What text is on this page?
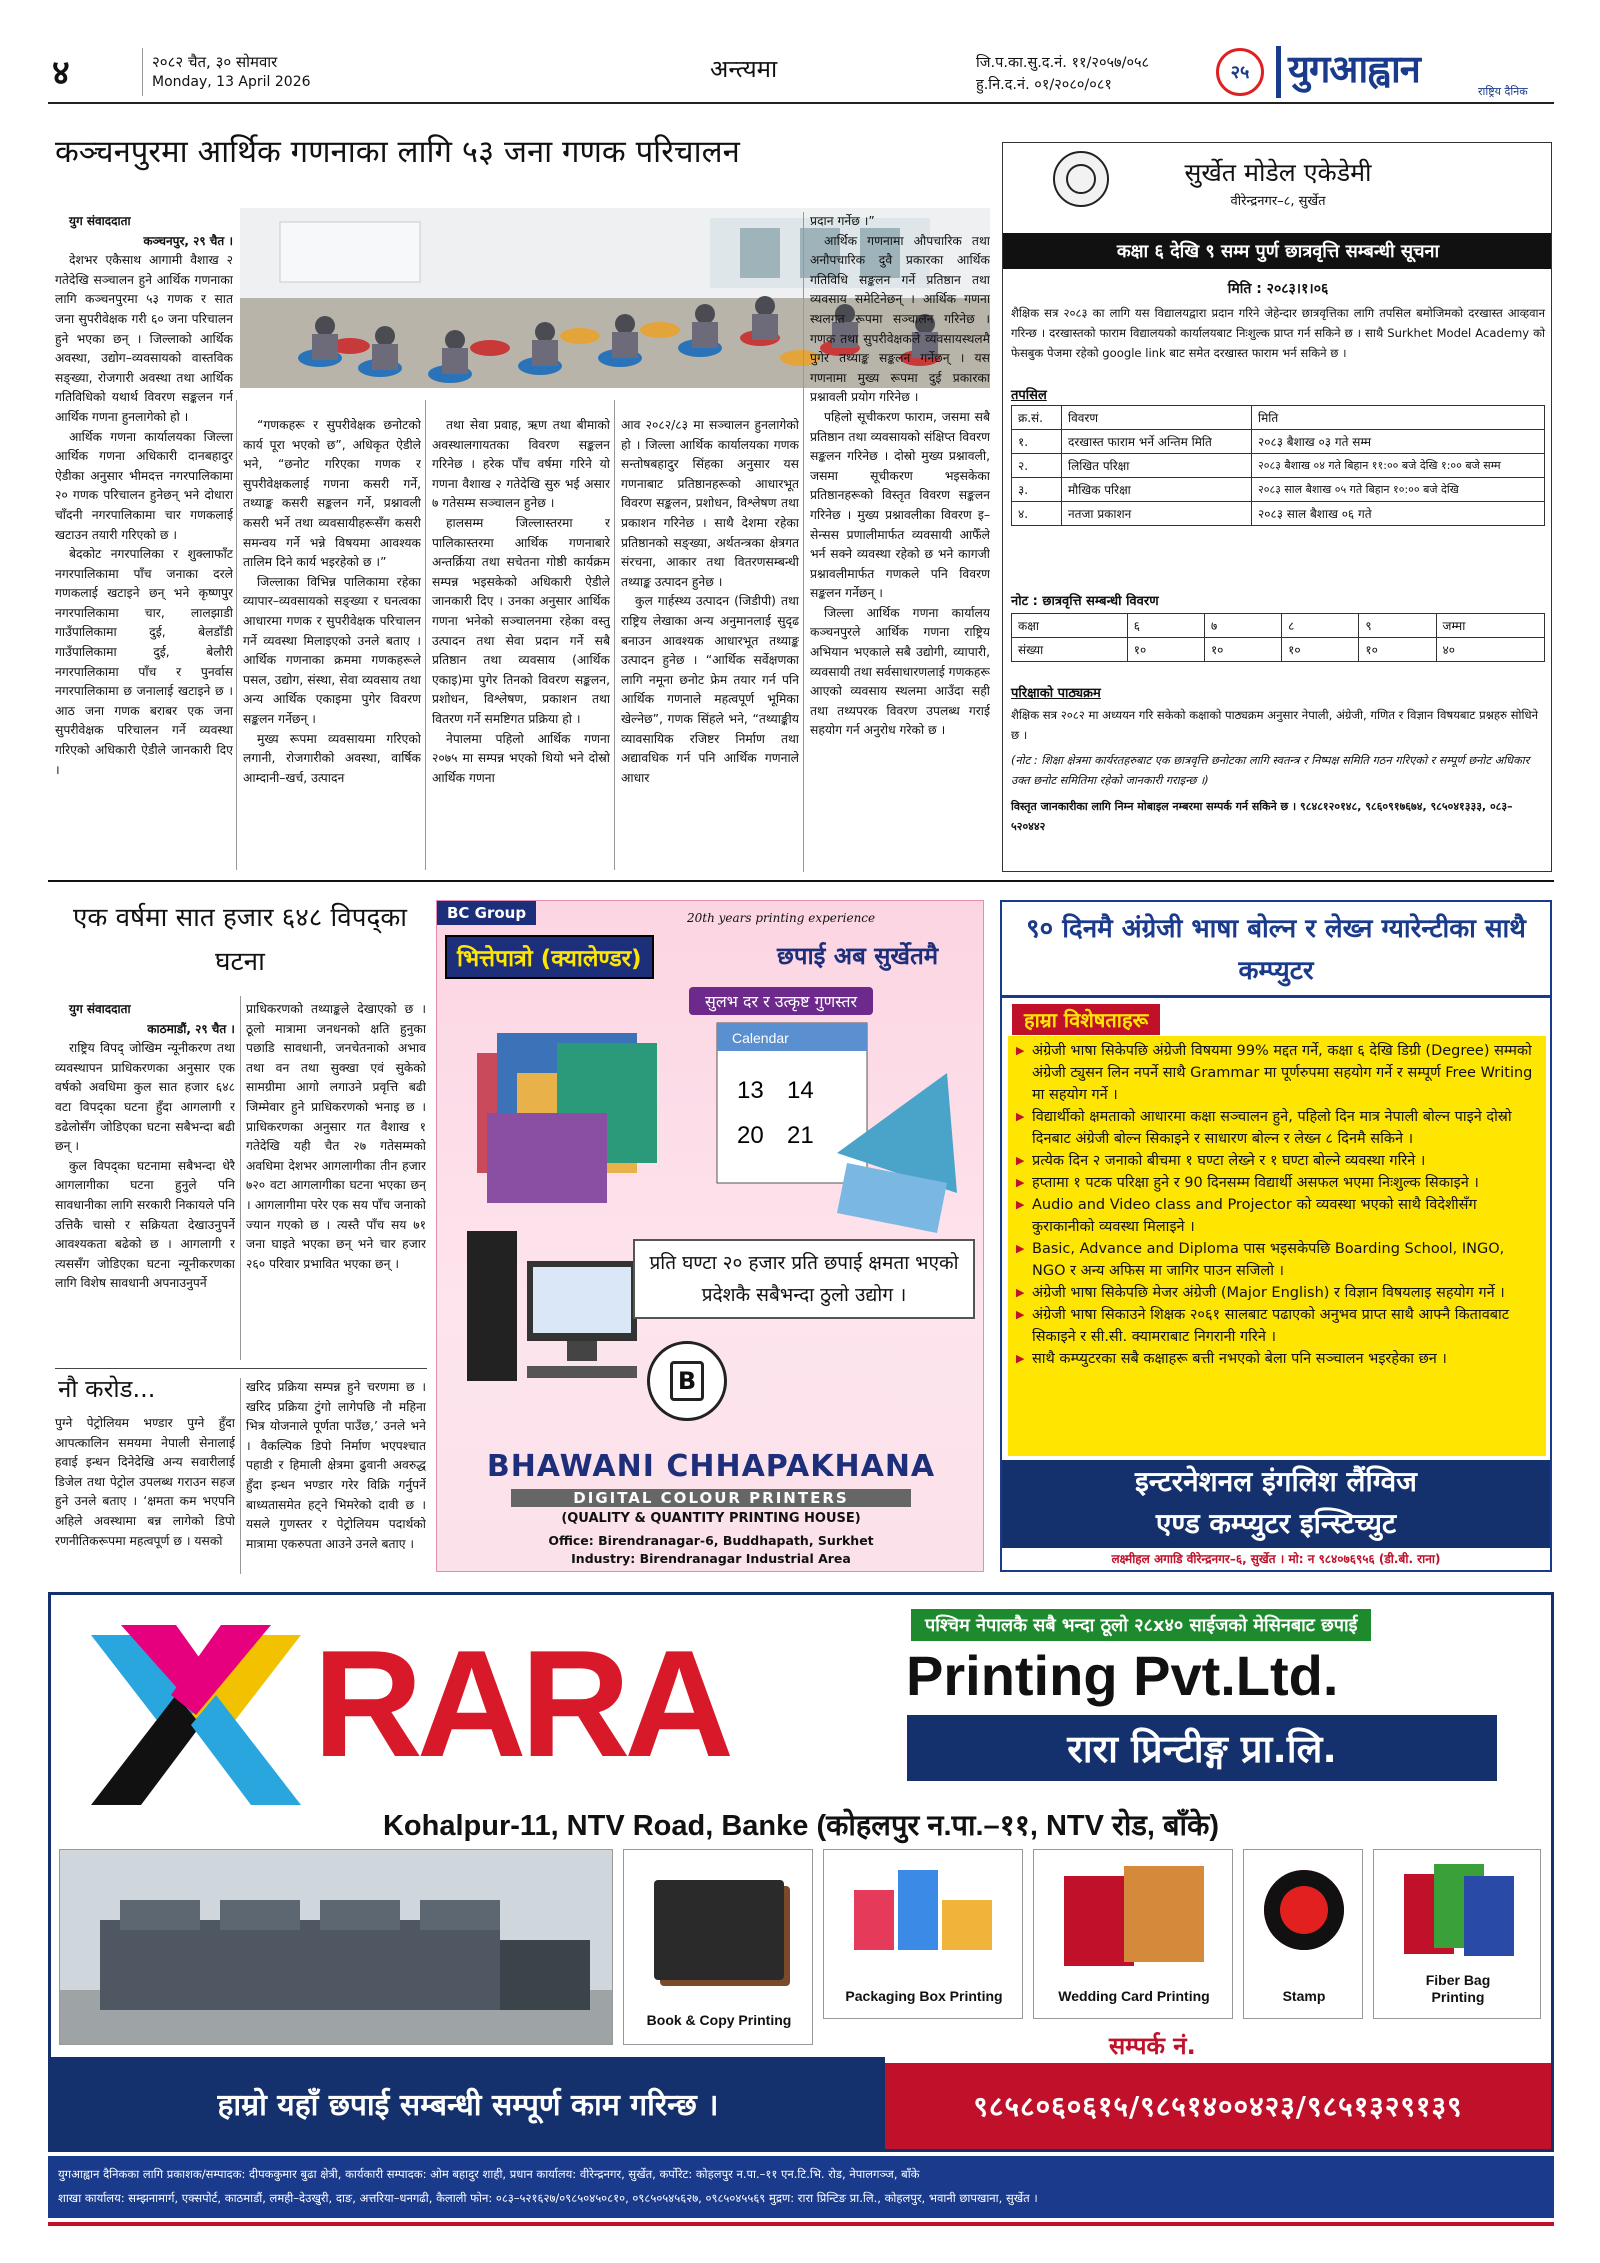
४	२०८२ चैत, ३० सोमवार
Monday, 13 April 2026	अन्त्यमा	जि.प.का.सु.द.नं. ११/२०५७/०५८
हु.नि.द.नं. ०१/२०८०/०८१
२५ युगआह्वान
राष्ट्रिय दैनिक
कञ्चनपुरमा आर्थिक गणनाका लागि ५३ जना गणक परिचालन
युग संवाददाता
कञ्चनपुर, २९ चैत ।

देशभर एकैसाथ आगामी वैशाख २ गतेदेखि सञ्चालन हुने आर्थिक गणनाका लागि कञ्चनपुरमा ५३ गणक र सात जना सुपरीवेक्षक गरी ६० जना परिचालन हुने भएका छन् । जिल्लाको आर्थिक अवस्था, उद्योग–व्यवसायको वास्तविक सङ्ख्या, रोजगारी अवस्था तथा आर्थिक गतिविधिको यथार्थ विवरण सङ्कलन गर्न आर्थिक गणना हुनलागेको हो ।

आर्थिक गणना कार्यालयका जिल्ला आर्थिक गणना अधिकारी दानबहादुर ऐडीका अनुसार भीमदत्त नगरपालिकामा २० गणक परिचालन हुनेछन् भने दोधारा चाँदनी नगरपालिकामा चार गणकलाई खटाउन तयारी गरिएको छ ।

बेदकोट नगरपालिका र शुक्लाफाँट नगरपालिकामा पाँच जनाका दरले गणकलाई खटाइने छन् भने कृष्णपुर नगरपालिकामा चार, लालझाडी गाउँपालिकामा दुई, बेलडाँडी गाउँपालिकामा दुई, बेलौरी नगरपालिकामा पाँच र पुनर्वास नगरपालिकामा छ जनालाई खटाइने छ । आठ जना गणक बराबर एक जना सुपरीवेक्षक परिचालन गर्ने व्यवस्था गरिएको अधिकारी ऐडीले जानकारी दिए ।

“गणकहरू र सुपरीवेक्षक छनोटको कार्य पूरा भएको छ”, अधिकृत ऐडीले भने, “छनोट गरिएका गणक र सुपरीवेक्षकलाई गणना कसरी गर्ने, तथ्याङ्क कसरी सङ्कलन गर्ने, प्रश्नावली कसरी भर्ने तथा व्यवसायीहरूसँग कसरी समन्वय गर्ने भन्ने विषयमा आवश्यक तालिम दिने कार्य भइरहेको छ ।”

जिल्लाका विभिन्न पालिकामा रहेका व्यापार–व्यवसायको सङ्ख्या र घनत्वका आधारमा गणक र सुपरीवेक्षक परिचालन गर्ने व्यवस्था मिलाइएको उनले बताए । आर्थिक गणनाका क्रममा गणकहरूले पसल, उद्योग, संस्था, सेवा व्यवसाय तथा अन्य आर्थिक एकाइमा पुगेर विवरण सङ्कलन गर्नेछन् ।

मुख्य रूपमा व्यवसायमा गरिएको लगानी, रोजगारीको अवस्था, वार्षिक आम्दानी–खर्च, उत्पादन

तथा सेवा प्रवाह, ऋण तथा बीमाको अवस्थालगायतका विवरण सङ्कलन गरिनेछ । हरेक पाँच वर्षमा गरिने यो गणना वैशाख २ गतेदेखि सुरु भई असार ७ गतेसम्म सञ्चालन हुनेछ ।

हालसम्म जिल्लास्तरमा र पालिकास्तरमा आर्थिक गणनाबारे अन्तर्क्रिया तथा सचेतना गोष्ठी कार्यक्रम सम्पन्न भइसकेको अधिकारी ऐडीले जानकारी दिए । उनका अनुसार आर्थिक गणना भनेको सञ्चालनमा रहेका वस्तु उत्पादन तथा सेवा प्रदान गर्ने सबै प्रतिष्ठान तथा व्यवसाय (आर्थिक एकाइ)मा पुगेर तिनको विवरण सङ्कलन, प्रशोधन, विश्लेषण, प्रकाशन तथा वितरण गर्ने समष्टिगत प्रक्रिया हो ।

नेपालमा पहिलो आर्थिक गणना २०७५ मा सम्पन्न भएको थियो भने दोस्रो आर्थिक गणना

आव २०८२/८३ मा सञ्चालन हुनलागेको हो । जिल्ला आर्थिक कार्यालयका गणक सन्तोषबहादुर सिंहका अनुसार यस गणनाबाट प्रतिष्ठानहरूको आधारभूत विवरण सङ्कलन, प्रशोधन, विश्लेषण तथा प्रकाशन गरिनेछ । साथै देशमा रहेका प्रतिष्ठानको सङ्ख्या, अर्थतन्त्रका क्षेत्रगत संरचना, आकार तथा वितरणसम्बन्धी तथ्याङ्क उत्पादन हुनेछ ।

कुल गार्हस्थ्य उत्पादन (जिडीपी) तथा राष्ट्रिय लेखाका अन्य अनुमानलाई सुदृढ बनाउन आवश्यक आधारभूत तथ्याङ्क उत्पादन हुनेछ । “आर्थिक सर्वेक्षणका लागि नमूना छनोट फ्रेम तयार गर्न पनि आर्थिक गणनाले महत्वपूर्ण भूमिका खेल्नेछ”, गणक सिंहले भने, “तथ्याङ्कीय व्यावसायिक रजिष्टर निर्माण तथा अद्यावधिक गर्न पनि आर्थिक गणनाले आधार

प्रदान गर्नेछ ।”

आर्थिक गणनामा औपचारिक तथा अनौपचारिक दुवै प्रकारका आर्थिक गतिविधि सङ्कलन गर्ने प्रतिष्ठान तथा व्यवसाय समेटिनेछन् । आर्थिक गणना स्थलगत रूपमा सञ्चालन गरिनेछ । गणक तथा सुपरीवेक्षकले व्यवसायस्थलमै पुगेर तथ्याङ्क सङ्कलन गर्नेछन् । यस गणनामा मुख्य रूपमा दुई प्रकारका प्रश्नावली प्रयोग गरिनेछ ।

पहिलो सूचीकरण फाराम, जसमा सबै प्रतिष्ठान तथा व्यवसायको संक्षिप्त विवरण सङ्कलन गरिनेछ । दोस्रो मुख्य प्रश्नावली, जसमा सूचीकरण भइसकेका प्रतिष्ठानहरूको विस्तृत विवरण सङ्कलन गरिनेछ । मुख्य प्रश्नावलीका विवरण इ–सेन्सस प्रणालीमार्फत व्यवसायी आफैँले भर्न सक्ने व्यवस्था रहेको छ भने कागजी प्रश्नावलीमार्फत गणकले पनि विवरण सङ्कलन गर्नेछन् ।

जिल्ला आर्थिक गणना कार्यालय कञ्चनपुरले आर्थिक गणना राष्ट्रिय अभियान भएकाले सबै उद्योगी, व्यापारी, व्यवसायी तथा सर्वसाधारणलाई गणकहरू आएको व्यवसाय स्थलमा आउँदा सही तथा तथ्यपरक विवरण उपलब्ध गराई सहयोग गर्न अनुरोध गरेको छ ।

सुर्खेत मोडेल एकेडेमी
वीरेन्द्रनगर–८, सुर्खेत
कक्षा ६ देखि ९ सम्म पुर्ण छात्रवृत्ति सम्बन्धी सूचना
मिति : २०८३।१।०६
शैक्षिक सत्र २०८३ का लागि यस विद्यालयद्वारा प्रदान गरिने जेहेन्दार छात्रवृत्तिका लागि तपसिल बमोजिमको दरखास्त आव्हवान गरिन्छ । दरखास्तको फाराम विद्यालयको कार्यालयबाट निःशुल्क प्राप्त गर्न सकिने छ । साथै Surkhet Model Academy को फेसबुक पेजमा रहेको google link बाट समेत दरखास्त फाराम भर्न सकिने छ ।
तपसिल
क्र.सं.	विवरण	मिति
१.	दरखास्त फाराम भर्ने अन्तिम मिति	२०८३ बैशाख ०३ गते सम्म
२.	लिखित परिक्षा	२०८३ बैशाख ०४ गते बिहान ११:०० बजे देखि १:०० बजे सम्म
३.	मौखिक परिक्षा	२०८३ साल बैशाख ०५ गते बिहान १०:०० बजे देखि
४.	नतजा प्रकाशन	२०८३ साल बैशाख ०६ गते
नोट : छात्रवृत्ति सम्बन्धी विवरण
कक्षा	६	७	८	९	जम्मा
संख्या	१०	१०	१०	१०	४०
परिक्षाको पाठ्यक्रम
शैक्षिक सत्र २०८२ मा अध्ययन गरि सकेको कक्षाको पाठ्यक्रम अनुसार नेपाली, अंग्रेजी, गणित र विज्ञान विषयबाट प्रश्नहरु सोधिने छ ।
(नोट : शिक्षा क्षेत्रमा कार्यरतहरुबाट एक छात्रवृत्ति छनोटका लागि स्वतन्त्र र निष्पक्ष समिति गठन गरिएको र सम्पूर्ण छनोट अधिकार उक्त छनोट समितिमा रहेको जानकारी गराइन्छ ।)
विस्तृत जानकारीका लागि निम्न मोबाइल नम्बरमा सम्पर्क गर्न सकिने छ । ९८४८१२०१४८, ९८६०९१७६७४, ९८५०४१३३३, ०८३–५२०४४२
एक वर्षमा सात हजार ६४८ विपद्का घटना
युग संवाददाता
काठमाडौं, २९ चैत ।

राष्ट्रिय विपद् जोखिम न्यूनीकरण तथा व्यवस्थापन प्राधिकरणका अनुसार एक वर्षको अवधिमा कुल सात हजार ६४८ वटा विपद्का घटना हुँदा आगलागी र डढेलोसँग जोडिएका घटना सबैभन्दा बढी छन् ।

कुल विपद्का घटनामा सबैभन्दा धेरै आगलागीका घटना हुनुले पनि सावधानीका लागि सरकारी निकायले पनि उत्तिकै चासो र सक्रियता देखाउनुपर्ने आवश्यकता बढेको छ । आगलागी र त्यससँग जोडिएका घटना न्यूनीकरणका लागि विशेष सावधानी अपनाउनुपर्ने

प्राधिकरणको तथ्याङ्कले देखाएको छ । ठूलो मात्रामा जनधनको क्षति हुनुका पछाडि सावधानी, जनचेतनाको अभाव तथा वन तथा सुक्खा एवं सुकेको सामग्रीमा आगो लगाउने प्रवृत्ति बढी जिम्मेवार हुने प्राधिकरणको भनाइ छ । प्राधिकरणका अनुसार गत वैशाख १ गतेदेखि यही चैत २७ गतेसम्मको अवधिमा देशभर आगलागीका तीन हजार ७२० वटा आगलागीका घटना भएका छन् । आगलागीमा परेर एक सय पाँच जनाको ज्यान गएको छ । त्यस्तै पाँच सय ७१ जना घाइते भएका छन् भने चार हजार २६० परिवार प्रभावित भएका छन् ।

नौ करोड...

पुग्ने पेट्रोलियम भण्डार पुग्ने हुँदा आपत्कालिन समयमा नेपाली सेनालाई हवाई इन्धन दिनेदेखि अन्य सवारीलाई डिजेल तथा पेट्रोल उपलब्ध गराउन सहज हुने उनले बताए । ‘क्षमता कम भएपनि अहिले अवस्थामा बन्न लागेको डिपो रणनीतिकरूपमा महत्वपूर्ण छ । यसको

खरिद प्रक्रिया सम्पन्न हुने चरणमा छ । खरिद प्रक्रिया टुंगो लागेपछि नौ महिना भित्र योजनाले पूर्णता पाउँछ,’ उनले भने । वैकल्पिक डिपो निर्माण भएपश्चात पहाडी र हिमाली क्षेत्रमा ढुवानी अवरुद्ध हुँदा इन्धन भण्डार गरेर विक्रि गर्नुपर्ने बाध्यतासमेत हट्ने भिमरेको दावी छ । यसले गुणस्तर र पेट्रोलियम पदार्थको मात्रामा एकरुपता आउने उनले बताए ।

BC Group	20th years printing experience
भित्तेपात्रो (क्यालेण्डर)	छपाई अब सुर्खेतमै
सुलभ दर र उत्कृष्ट गुणस्तर
Calendar
13 14
20 21
प्रति घण्टा २० हजार प्रति छपाई क्षमता भएको प्रदेशकै सबैभन्दा ठुलो उद्योग ।
B
BHAWANI CHHAPAKHANA
DIGITAL COLOUR PRINTERS
(QUALITY & QUANTITY PRINTING HOUSE)
Office: Birendranagar-6, Buddhapath, Surkhet
Industry: Birendranagar Industrial Area
९० दिनमै अंग्रेजी भाषा बोल्न र लेख्न ग्यारेन्टीका साथै कम्प्युटर
हाम्रा विशेषताहरू
▶ अंग्रेजी भाषा सिकेपछि अंग्रेजी विषयमा 99% मद्दत गर्ने, कक्षा ६ देखि डिग्री (Degree) सम्मको अंग्रेजी ट्युसन लिन नपर्ने साथै Grammar मा पूर्णरुपमा सहयोग गर्ने र सम्पूर्ण Free Writing मा सहयोग गर्ने ।
▶ विद्यार्थीको क्षमताको आधारमा कक्षा सञ्चालन हुने, पहिलो दिन मात्र नेपाली बोल्न पाइने दोस्रो दिनबाट अंग्रेजी बोल्न सिकाइने र साधारण बोल्न र लेख्न ८ दिनमै सकिने ।
▶ प्रत्येक दिन २ जनाको बीचमा १ घण्टा लेख्ने र १ घण्टा बोल्ने व्यवस्था गरिने ।
▶ हप्तामा १ पटक परिक्षा हुने र 90 दिनसम्म विद्यार्थी असफल भएमा निःशुल्क सिकाइने ।
▶ Audio and Video class and Projector को व्यवस्था भएको साथै विदेशीसँग कुराकानीको व्यवस्था मिलाइने ।
▶ Basic, Advance and Diploma पास भइसकेपछि Boarding School, INGO, NGO र अन्य अफिस मा जागिर पाउन सजिलो ।
▶ अंग्रेजी भाषा सिकेपछि मेजर अंग्रेजी (Major English) र विज्ञान विषयलाइ सहयोग गर्ने ।
▶ अंग्रेजी भाषा सिकाउने शिक्षक २०६१ सालबाट पढाएको अनुभव प्राप्त साथै आफ्नै कितावबाट सिकाइने र सी.सी. क्यामराबाट निगरानी गरिने ।
▶ साथै कम्प्युटरका सबै कक्षाहरू बत्ती नभएको बेला पनि सञ्चालन भइरहेका छन ।
इन्टरनेशनल इंगलिश लैंग्विज
एण्ड कम्प्युटर इन्स्टिच्युट
लक्ष्मीहल अगाडि वीरेन्द्रनगर–६, सुर्खेत । मो: न ९८४०७६९५६ (डी.बी. राना)
पश्चिम नेपालकै सबै भन्दा ठूलो २८x४० साईजको मेसिनबाट छपाई
RARA	Printing Pvt.Ltd.
रारा प्रिन्टीङ्ग प्रा.लि.
Kohalpur-11, NTV Road, Banke (कोहलपुर न.पा.–११, NTV रोड, बाँके)
Book & Copy Printing
Packaging Box Printing	Wedding Card Printing	Stamp
Fiber Bag Printing
हाम्रो यहाँ छपाई सम्बन्धी सम्पूर्ण काम गरिन्छ ।
सम्पर्क नं.
९८५८०६०६१५/९८५१४००४२३/९८५१३२९१३९
युगआह्वान दैनिकका लागि प्रकाशक/सम्पादक: दीपककुमार बुढा क्षेत्री, कार्यकारी सम्पादक: ओम बहादुर शाही, प्रधान कार्यालय: वीरेन्द्रनगर, सुर्खेत, कर्पोरेट: कोहलपुर न.पा.–११ एन.टि.भि. रोड, नेपालगञ्ज, बाँके
शाखा कार्यालय: सम्झनामार्ग, एक्सपोर्ट, काठमाडौं, लमही–देउखुरी, दाङ, अत्तरिया–धनगढी, कैलाली फोन: ०८३–५२१६२७/०९८५०४५०८१०, ०९८५०५४५६२७, ०९८५०४५५६९ मुद्रण: रारा प्रिन्टिङ प्रा.लि., कोहलपुर, भवानी छापखाना, सुर्खेत ।
